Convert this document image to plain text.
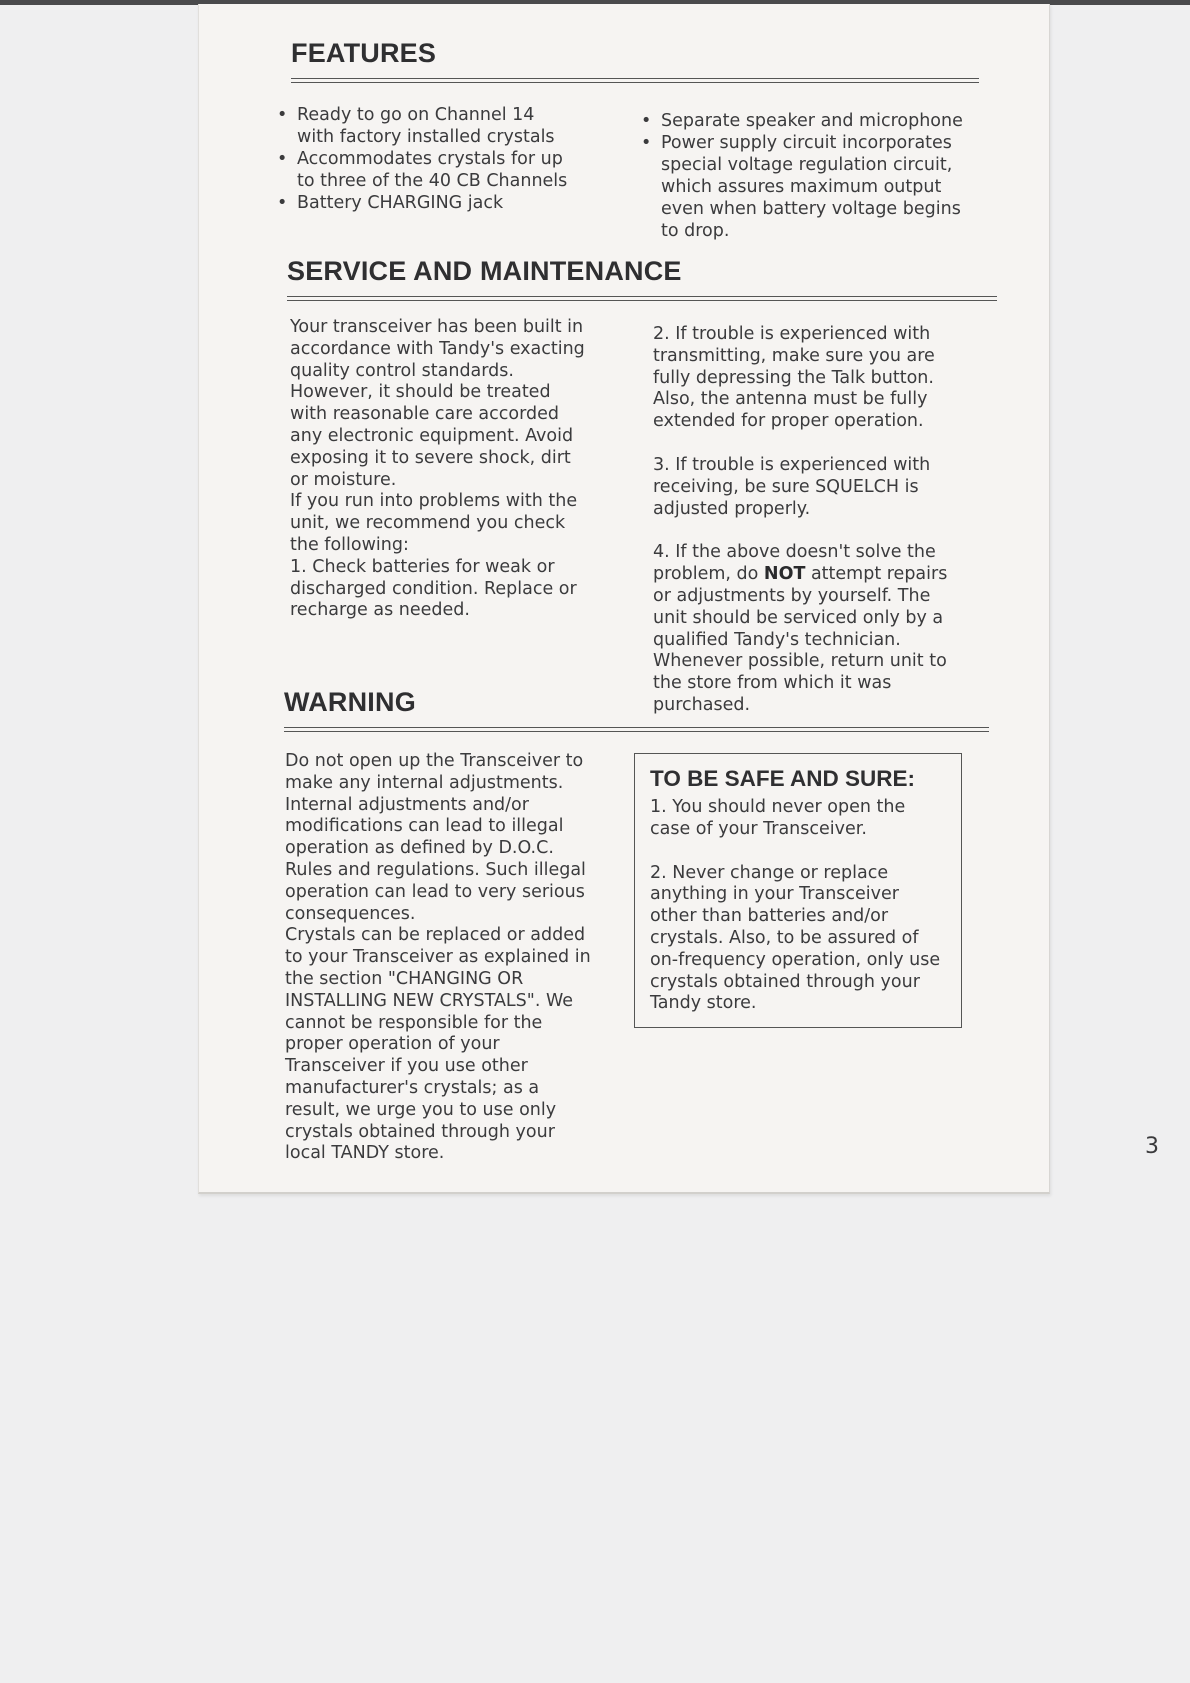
FEATURES
• Ready to go on Channel 14 with factory installed crystals
• Accommodates crystals for up to three of the 40 CB Channels
• Battery CHARGING jack
• Separate speaker and microphone
• Power supply circuit incorporates special voltage regulation circuit, which assures maximum output even when battery voltage begins to drop.
SERVICE AND MAINTENANCE

Your transceiver has been built in accordance with Tandy's exacting quality control standards.

However, it should be treated with reasonable care accorded any electronic equipment. Avoid exposing it to severe shock, dirt or moisture.

If you run into problems with the unit, we recommend you check the following:

1. Check batteries for weak or discharged condition. Replace or recharge as needed.

2. If trouble is experienced with transmitting, make sure you are fully depressing the Talk button. Also, the antenna must be fully extended for proper operation.

3. If trouble is experienced with receiving, be sure SQUELCH is adjusted properly.

4. If the above doesn't solve the problem, do NOT attempt repairs or adjustments by yourself. The unit should be serviced only by a qualified Tandy's technician. Whenever possible, return unit to the store from which it was purchased.

WARNING

Do not open up the Transceiver to make any internal adjustments.

Internal adjustments and/or modifications can lead to illegal operation as defined by D.O.C. Rules and regulations. Such illegal operation can lead to very serious consequences.

Crystals can be replaced or added to your Transceiver as explained in the section "CHANGING OR INSTALLING NEW CRYSTALS". We cannot be responsible for the proper operation of your Transceiver if you use other manufacturer's crystals; as a result, we urge you to use only crystals obtained through your local TANDY store.	3
TO BE SAFE AND SURE:

1. You should never open the case of your Transceiver.

2. Never change or replace anything in your Transceiver other than batteries and/or crystals. Also, to be assured of on-frequency operation, only use crystals obtained through your Tandy store.
